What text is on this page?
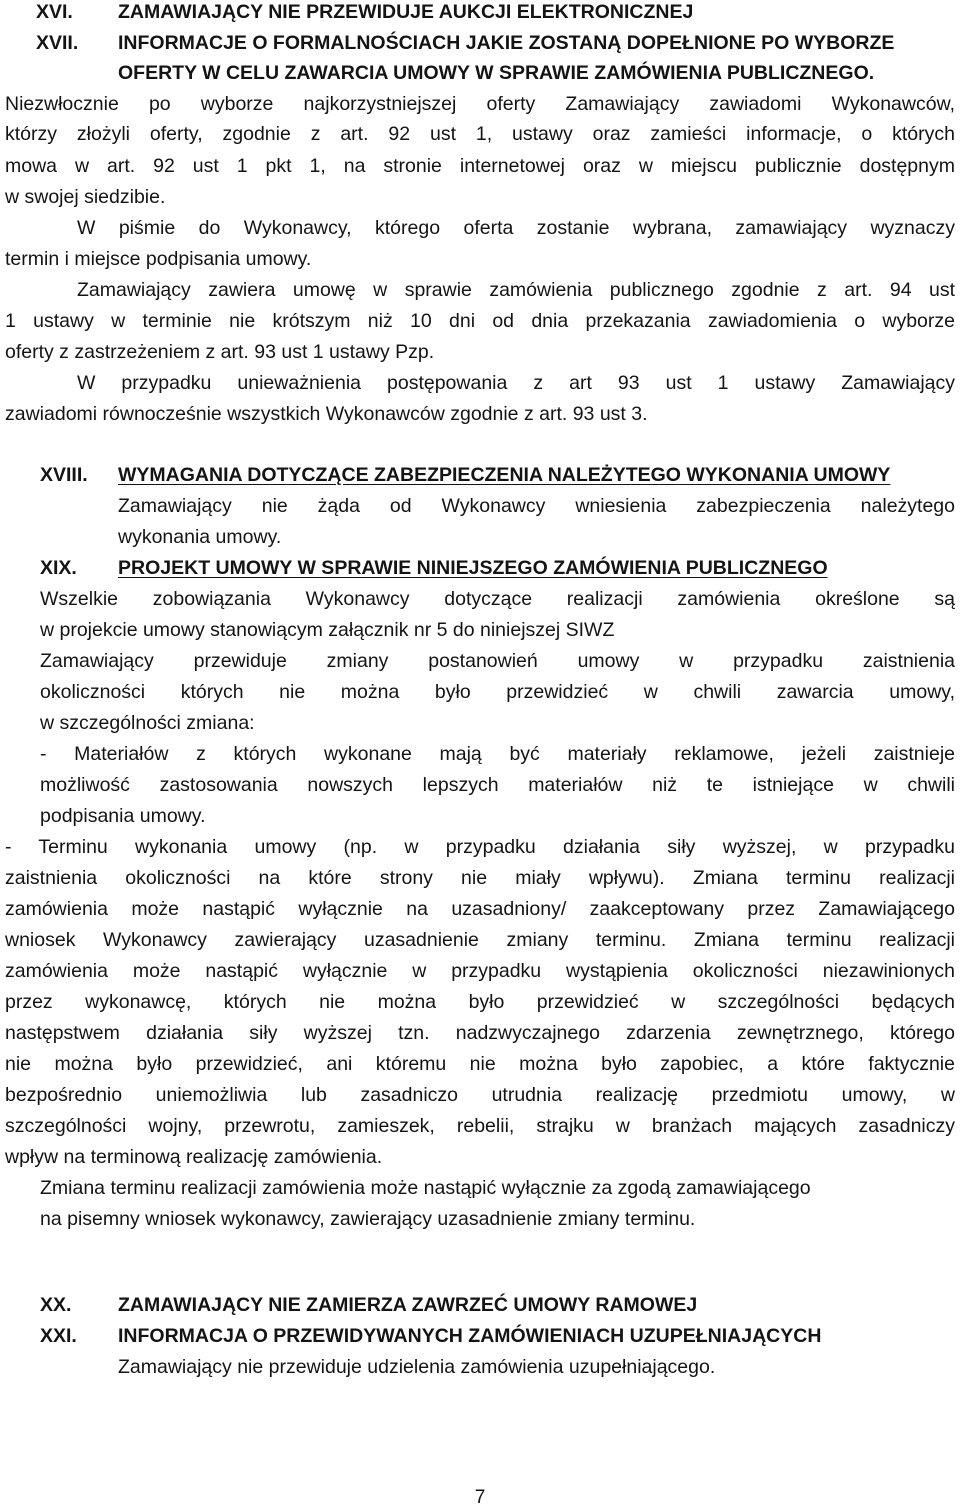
XVI. ZAMAWIAJĄCY NIE PRZEWIDUJE AUKCJI ELEKTRONICZNEJ
XVII. INFORMACJE O FORMALNOŚCIACH JAKIE ZOSTANĄ DOPEŁNIONE PO WYBORZE
OFERTY W CELU ZAWARCIA UMOWY W SPRAWIE ZAMÓWIENIA PUBLICZNEGO.
Niezwłocznie po wyborze najkorzystniejszej oferty Zamawiający zawiadomi Wykonawców,
którzy złożyli oferty, zgodnie z art. 92 ust 1, ustawy oraz zamieści informacje, o których
mowa w art. 92 ust 1 pkt 1, na stronie internetowej oraz w miejscu publicznie dostępnym
w swojej siedzibie.
W piśmie do Wykonawcy, którego oferta zostanie wybrana, zamawiający wyznaczy
termin i miejsce podpisania umowy.
Zamawiający zawiera umowę w sprawie zamówienia publicznego zgodnie z art. 94 ust
1 ustawy w terminie nie krótszym niż 10 dni od dnia przekazania zawiadomienia o wyborze
oferty z zastrzeżeniem z art. 93 ust 1 ustawy Pzp.
W przypadku unieważnienia postępowania z art 93 ust 1 ustawy Zamawiający
zawiadomi równocześnie wszystkich Wykonawców zgodnie z art. 93 ust 3.
XVIII. WYMAGANIA DOTYCZĄCE ZABEZPIECZENIA NALEŻYTEGO WYKONANIA UMOWY
Zamawiający nie żąda od Wykonawcy wniesienia zabezpieczenia należytego
wykonania umowy.
XIX. PROJEKT UMOWY W SPRAWIE NINIEJSZEGO ZAMÓWIENIA PUBLICZNEGO
Wszelkie zobowiązania Wykonawcy dotyczące realizacji zamówienia określone są
w projekcie umowy stanowiącym załącznik nr 5 do niniejszej SIWZ
Zamawiający przewiduje zmiany postanowień umowy w przypadku zaistnienia
okoliczności których nie można było przewidzieć w chwili zawarcia umowy,
w szczególności zmiana:
- Materiałów z których wykonane mają być materiały reklamowe, jeżeli zaistnieje
możliwość zastosowania nowszych lepszych materiałów niż te istniejące w chwili
podpisania umowy.
- Terminu wykonania umowy (np. w przypadku działania siły wyższej, w przypadku
zaistnienia okoliczności na które strony nie miały wpływu). Zmiana terminu realizacji
zamówienia może nastąpić wyłącznie na uzasadniony/ zaakceptowany przez Zamawiającego
wniosek Wykonawcy zawierający uzasadnienie zmiany terminu. Zmiana terminu realizacji
zamówienia może nastąpić wyłącznie w przypadku wystąpienia okoliczności niezawinionych
przez wykonawcę, których nie można było przewidzieć w szczególności będących
następstwem działania siły wyższej tzn. nadzwyczajnego zdarzenia zewnętrznego, którego
nie można było przewidzieć, ani któremu nie można było zapobiec, a które faktycznie
bezpośrednio uniemożliwia lub zasadniczo utrudnia realizację przedmiotu umowy, w
szczególności wojny, przewrotu, zamieszek, rebelii, strajku w branżach mających zasadniczy
wpływ na terminową realizację zamówienia.
Zmiana terminu realizacji zamówienia może nastąpić wyłącznie za zgodą zamawiającego
na pisemny wniosek wykonawcy, zawierający uzasadnienie zmiany terminu.
XX. ZAMAWIAJĄCY NIE ZAMIERZA ZAWRZEĆ UMOWY RAMOWEJ
XXI. INFORMACJA O PRZEWIDYWANYCH ZAMÓWIENIACH UZUPEŁNIAJĄCYCH
Zamawiający nie przewiduje udzielenia zamówienia uzupełniającego.
7
